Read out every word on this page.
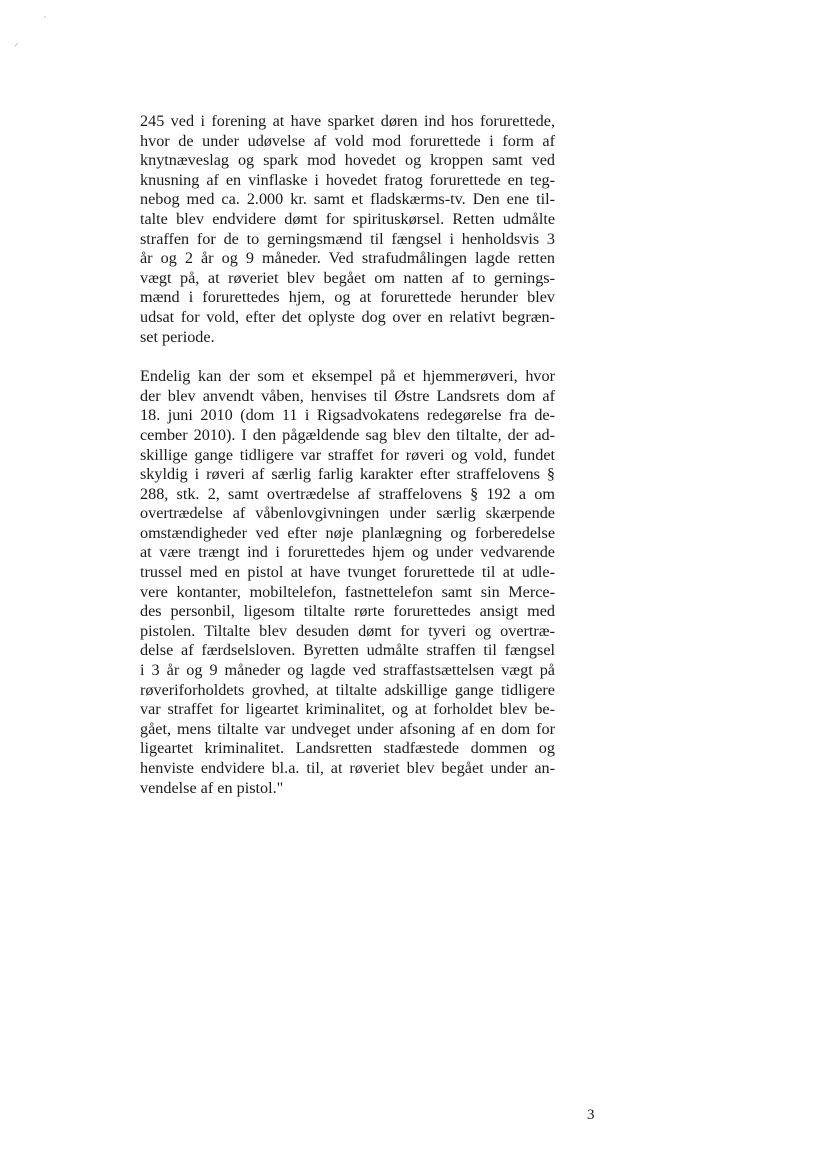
245 ved i forening at have sparket døren ind hos forurettede,
hvor de under udøvelse af vold mod forurettede i form af
knytnæveslag og spark mod hovedet og kroppen samt ved
knusning af en vinflaske i hovedet fratog forurettede en teg-
nebog med ca. 2.000 kr. samt et fladskærms-tv. Den ene til-
talte blev endvidere dømt for spirituskørsel. Retten udmålte
straffen for de to gerningsmænd til fængsel i henholdsvis 3
år og 2 år og 9 måneder. Ved strafudmålingen lagde retten
vægt på, at røveriet blev begået om natten af to gernings-
mænd i forurettedes hjem, og at forurettede herunder blev
udsat for vold, efter det oplyste dog over en relativt begræn-
set periode.
Endelig kan der som et eksempel på et hjemmerøveri, hvor
der blev anvendt våben, henvises til Østre Landsrets dom af
18. juni 2010 (dom 11 i Rigsadvokatens redegørelse fra de-
cember 2010). I den pågældende sag blev den tiltalte, der ad-
skillige gange tidligere var straffet for røveri og vold, fundet
skyldig i røveri af særlig farlig karakter efter straffelovens §
288, stk. 2, samt overtrædelse af straffelovens § 192 a om
overtrædelse af våbenlovgivningen under særlig skærpende
omstændigheder ved efter nøje planlægning og forberedelse
at være trængt ind i forurettedes hjem og under vedvarende
trussel med en pistol at have tvunget forurettede til at udle-
vere kontanter, mobiltelefon, fastnettelefon samt sin Merce-
des personbil, ligesom tiltalte rørte forurettedes ansigt med
pistolen. Tiltalte blev desuden dømt for tyveri og overtræ-
delse af færdselsloven. Byretten udmålte straffen til fængsel
i 3 år og 9 måneder og lagde ved straffastsættelsen vægt på
røveriforholdets grovhed, at tiltalte adskillige gange tidligere
var straffet for ligeartet kriminalitet, og at forholdet blev be-
gået, mens tiltalte var undveget under afsoning af en dom for
ligeartet kriminalitet. Landsretten stadfæstede dommen og
henviste endvidere bl.a. til, at røveriet blev begået under an-
vendelse af en pistol."
3
